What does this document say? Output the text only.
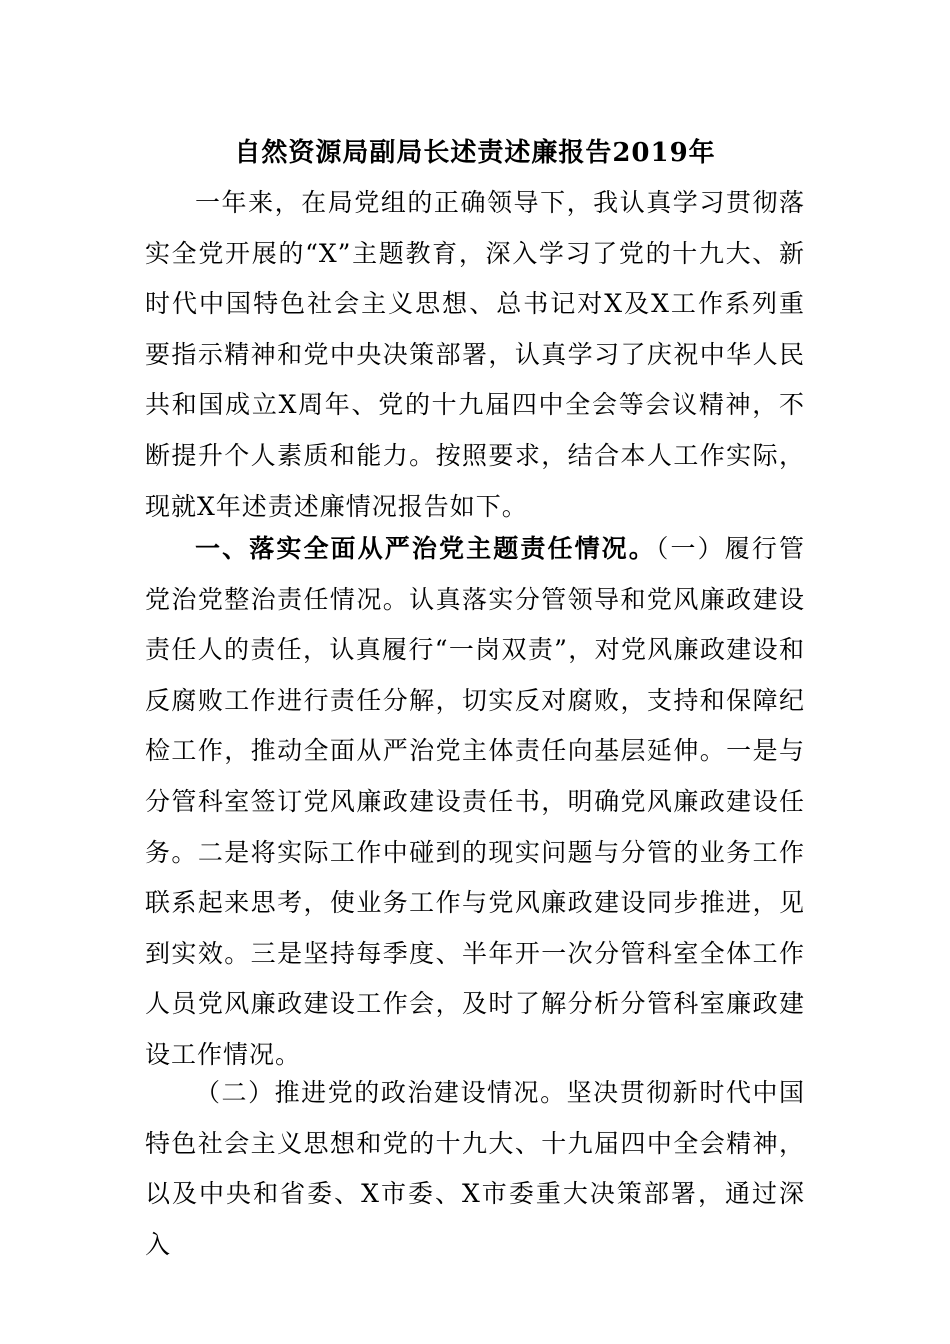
自然资源局副局长述责述廉报告2019年

一年来，在局党组的正确领导下，我认真学习贯彻落实全党开展的“X”主题教育，深入学习了党的十九大、新时代中国特色社会主义思想、总书记对X及X工作系列重要指示精神和党中央决策部署，认真学习了庆祝中华人民共和国成立X周年、党的十九届四中全会等会议精神，不断提升个人素质和能力。按照要求，结合本人工作实际，现就X年述责述廉情况报告如下。

一、落实全面从严治党主题责任情况。（一）履行管党治党整治责任情况。认真落实分管领导和党风廉政建设责任人的责任，认真履行“一岗双责”，对党风廉政建设和反腐败工作进行责任分解，切实反对腐败，支持和保障纪检工作，推动全面从严治党主体责任向基层延伸。一是与分管科室签订党风廉政建设责任书，明确党风廉政建设任务。二是将实际工作中碰到的现实问题与分管的业务工作联系起来思考，使业务工作与党风廉政建设同步推进，见到实效。三是坚持每季度、半年开一次分管科室全体工作人员党风廉政建设工作会，及时了解分析分管科室廉政建设工作情况。

（二）推进党的政治建设情况。坚决贯彻新时代中国特色社会主义思想和党的十九大、十九届四中全会精神，以及中央和省委、X市委、X市委重大决策部署，通过深入
